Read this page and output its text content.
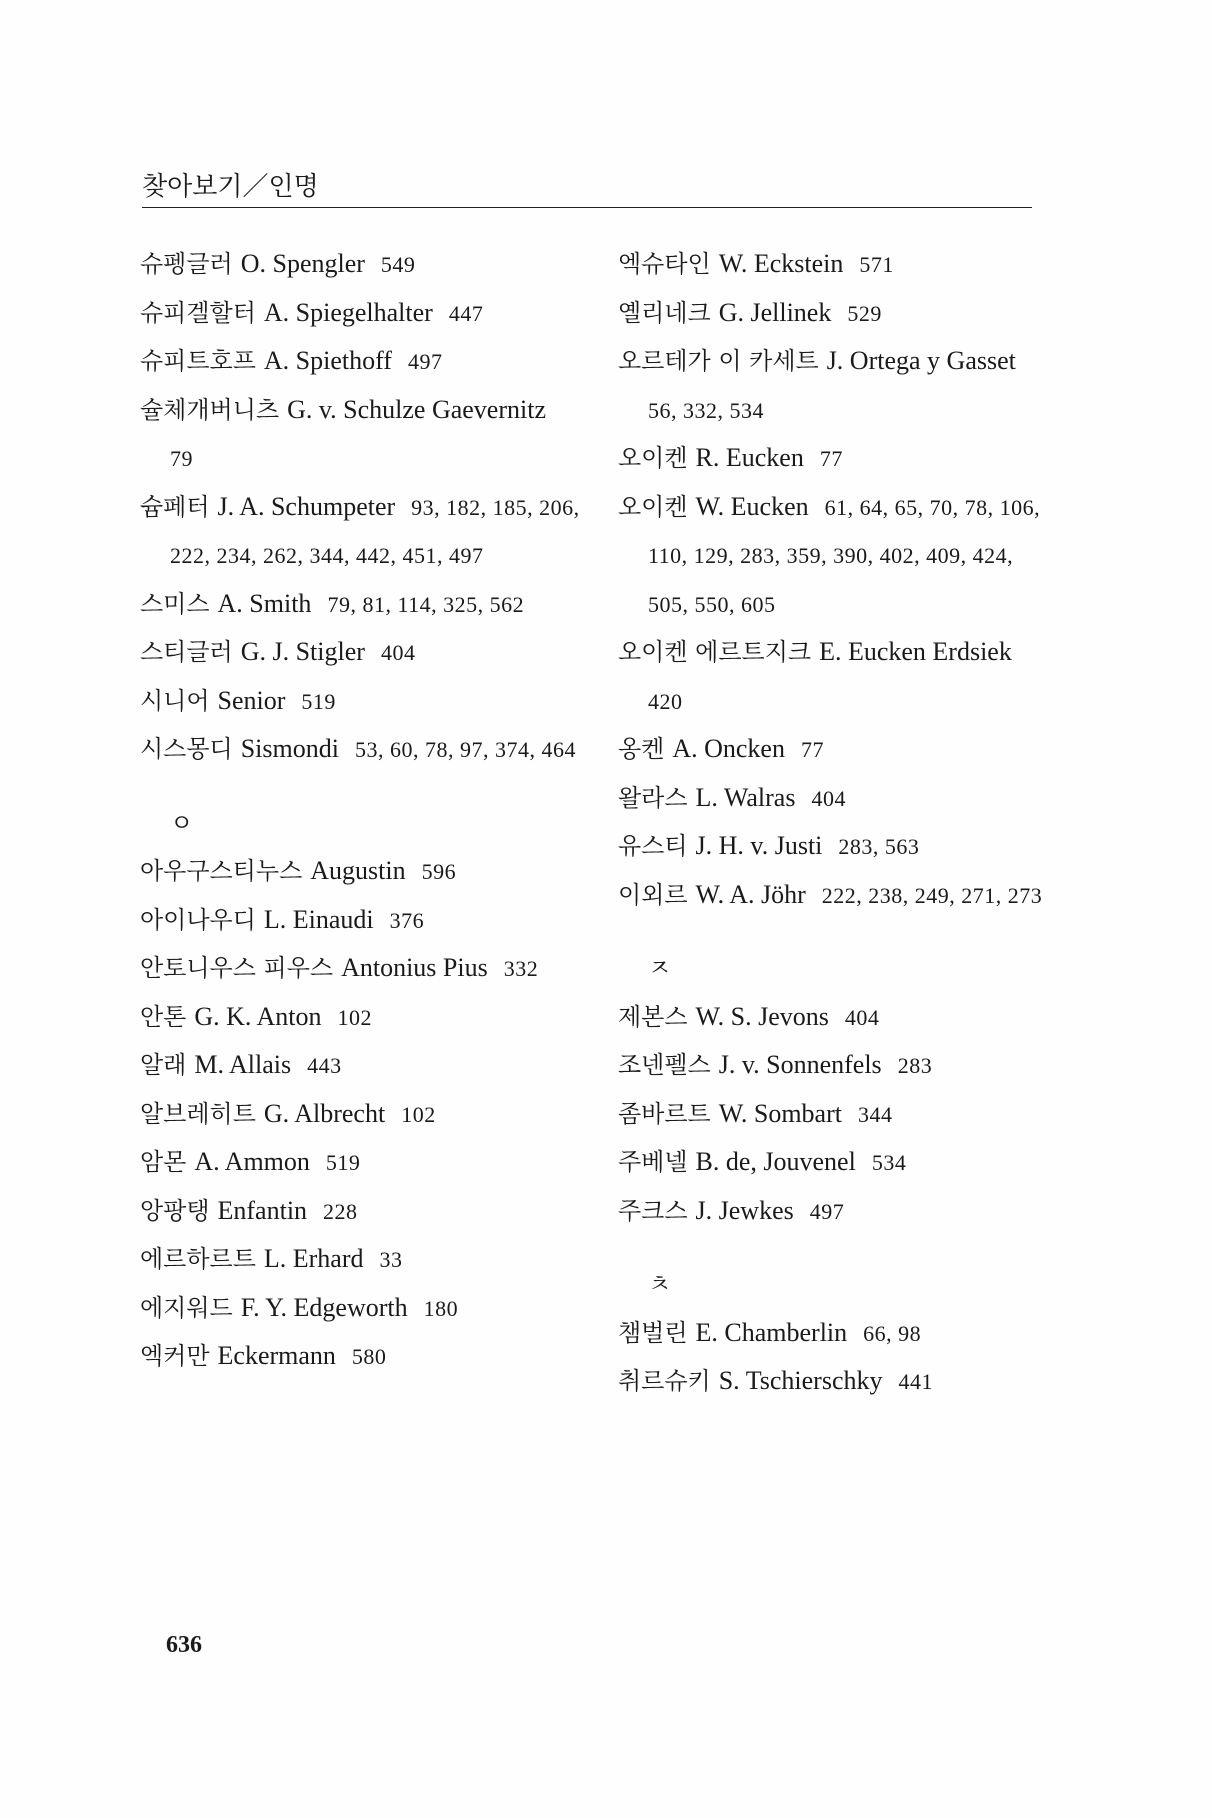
찾아보기／인명
슈펭글러 O. Spengler 549
슈피겔할터 A. Spiegelhalter 447
슈피트호프 A. Spiethoff 497
슐체개버니츠 G. v. Schulze Gaevernitz79
슘페터 J. A. Schumpeter 93, 182, 185, 206, 222, 234, 262, 344, 442, 451, 497
스미스 A. Smith 79, 81, 114, 325, 562
스티글러 G. J. Stigler 404
시니어 Senior 519
시스몽디 Sismondi 53, 60, 78, 97, 374, 464
ㅇ
아우구스티누스 Augustin 596
아이나우디 L. Einaudi 376
안토니우스 피우스 Antonius Pius 332
안톤 G. K. Anton 102
알래 M. Allais 443
알브레히트 G. Albrecht 102
암몬 A. Ammon 519
앙팡탱 Enfantin 228
에르하르트 L. Erhard 33
에지워드 F. Y. Edgeworth 180
엑커만 Eckermann 580
엑슈타인 W. Eckstein 571
옐리네크 G. Jellinek 529
오르테가 이 카세트 J. Ortega y Gasset56, 332, 534
오이켄 R. Eucken 77
오이켄 W. Eucken 61, 64, 65, 70, 78, 106, 110, 129, 283, 359, 390, 402, 409, 424, 505, 550, 605
오이켄 에르트지크 E. Eucken Erdsiek420
옹켄 A. Oncken 77
왈라스 L. Walras 404
유스티 J. H. v. Justi 283, 563
이외르 W. A. Jöhr 222, 238, 249, 271, 273
ㅈ
제본스 W. S. Jevons 404
조넨펠스 J. v. Sonnenfels 283
좀바르트 W. Sombart 344
주베넬 B. de, Jouvenel 534
주크스 J. Jewkes 497
ㅊ
챔벌린 E. Chamberlin 66, 98
취르슈키 S. Tschierschky 441
636
